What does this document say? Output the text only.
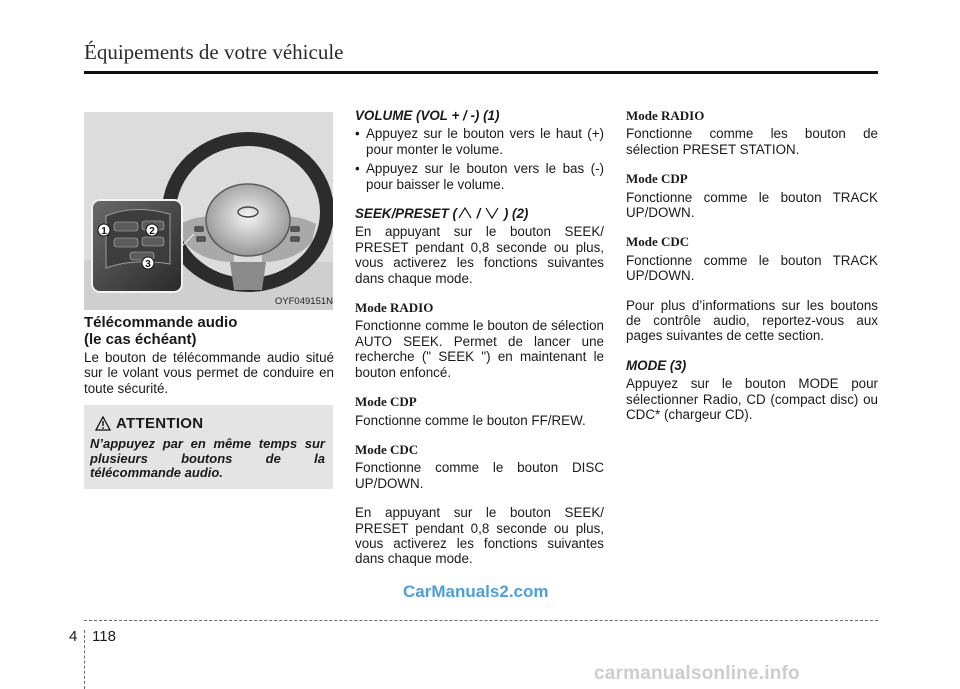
Équipements de votre véhicule
1	2
3
OYF049151N
Télécommande audio
(le cas échéant)
Le bouton de télécommande audio situé sur le volant vous permet de conduire en toute sécurité.
ATTENTION
N’appuyez par en même temps sur plusieurs boutons de la télécommande audio.

VOLUME (VOL + / -) (1)

• Appuyez sur le bouton vers le haut (+) pour monter le volume.
• Appuyez sur le bouton vers le bas (-) pour baisser le volume.

SEEK/PRESET ( /  ) (2)

En appuyant sur le bouton SEEK/ PRESET pendant 0,8 seconde ou plus, vous activerez les fonctions suivantes dans chaque mode.

Mode RADIO

Fonctionne comme le bouton de sélection AUTO SEEK. Permet de lancer une recherche (" SEEK ") en maintenant le bouton enfoncé.

Mode CDP

Fonctionne comme le bouton FF/REW.

Mode CDC

Fonctionne comme le bouton DISC UP/DOWN.

En appuyant sur le bouton SEEK/ PRESET pendant 0,8 seconde ou plus, vous activerez les fonctions suivantes dans chaque mode.

Mode RADIO

Fonctionne comme les bouton de sélection PRESET STATION.

Mode CDP

Fonctionne comme le bouton TRACK UP/DOWN.

Mode CDC

Fonctionne comme le bouton TRACK UP/DOWN.

Pour plus d’informations sur les boutons de contrôle audio, reportez-vous aux pages suivantes de cette section.

MODE (3)

Appuyez sur le bouton MODE pour sélectionner Radio, CD (compact disc) ou CDC* (chargeur CD).

CarManuals2.com
4 118
carmanualsonline.info
